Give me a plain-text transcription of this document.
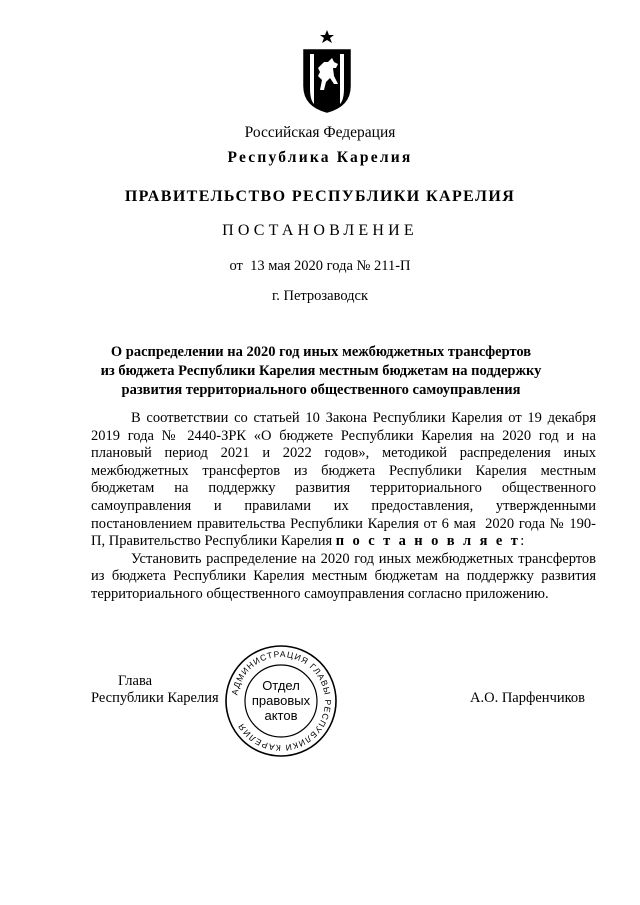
Российская Федерация
Республика Карелия
ПРАВИТЕЛЬСТВО РЕСПУБЛИКИ КАРЕЛИЯ
ПОСТАНОВЛЕНИЕ
от  13 мая 2020 года № 211-П
г. Петрозаводск
О распределении на 2020 год иных межбюджетных трансфертов
из бюджета Республики Карелия местным бюджетам на поддержку
развития территориального общественного самоуправления

В соответствии со статьей 10 Закона Республики Карелия от 19 декабря 2019 года № 2440-ЗРК «О бюджете Республики Карелия на 2020 год и на плановый период 2021 и 2022 годов», методикой распределения иных межбюджетных трансфертов из бюджета Республики Карелия местным бюджетам на поддержку развития территориального общественного самоуправления и правилами их предоставления, утвержденными постановлением правительства Республики Карелия от 6 мая  2020 года № 190-П, Правительство Республики Карелия п о с т а н о в л я е т:

Установить распределение на 2020 год иных межбюджетных трансфертов из бюджета Республики Карелия местным бюджетам на поддержку развития территориального общественного самоуправления согласно приложению.

Глава
Республики Карелия	А.О. Парфенчиков
АДМИНИСТРАЦИЯ ГЛАВЫ РЕСПУБЛИКИ КАРЕЛИЯ
Отдел
правовых
актов
